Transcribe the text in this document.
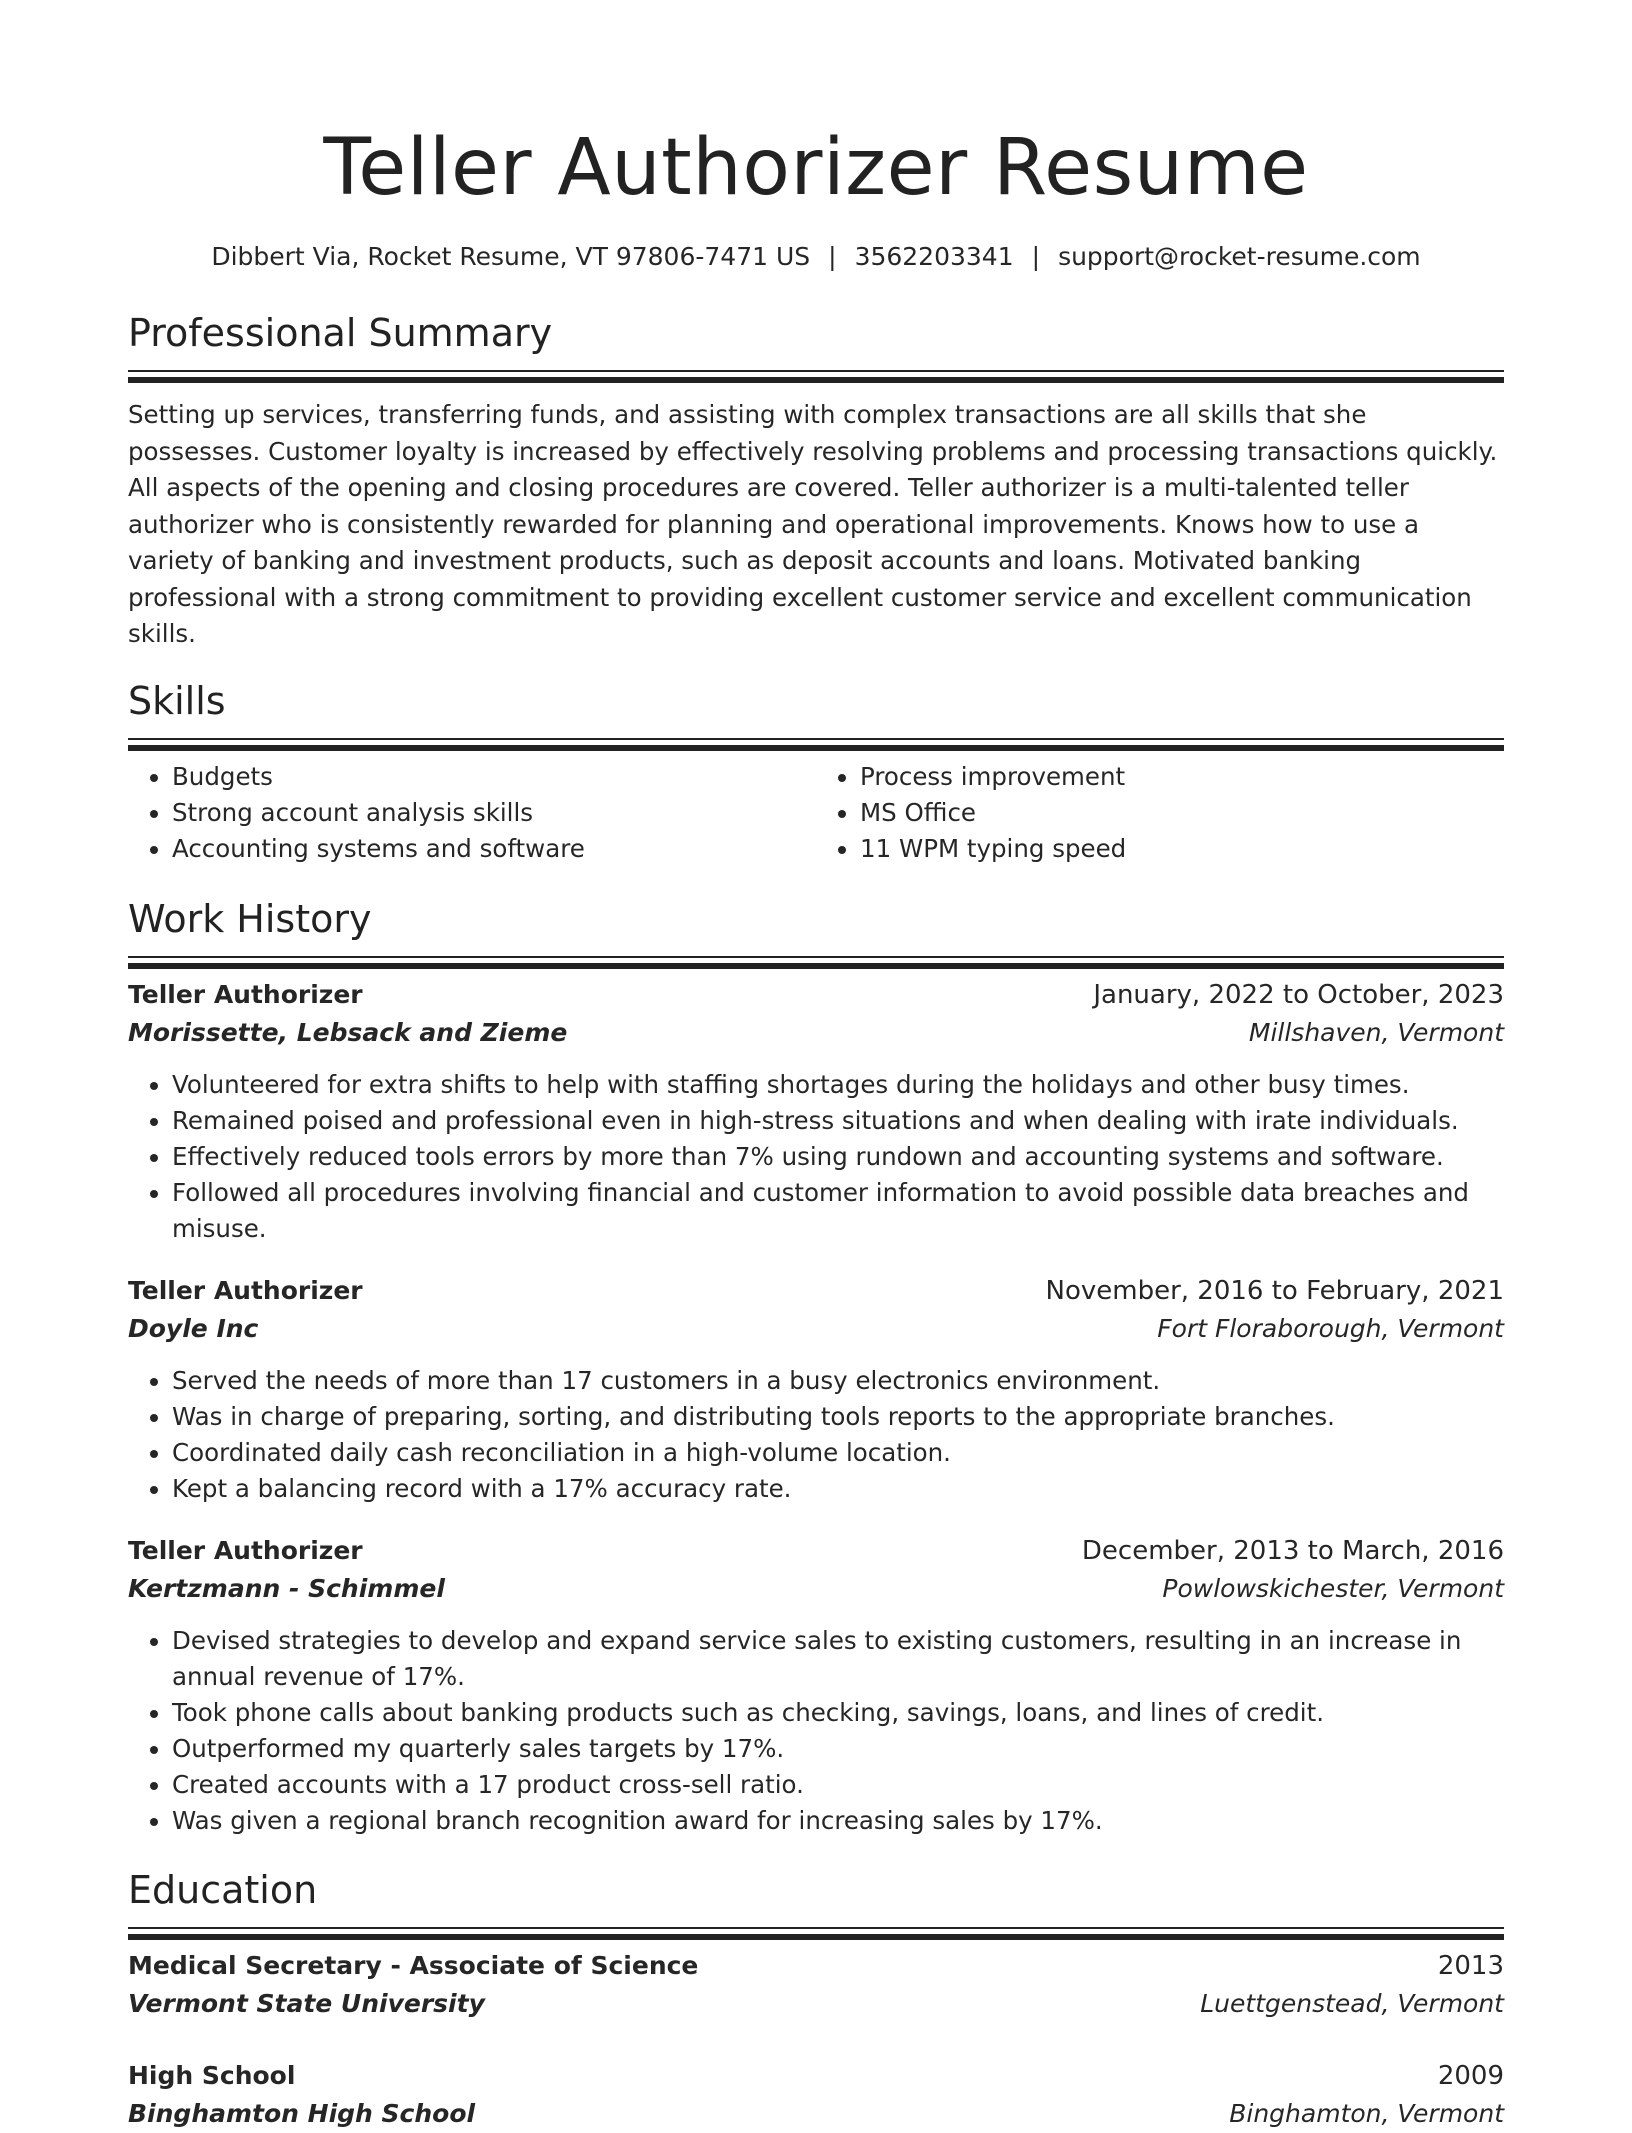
Teller Authorizer Resume
Dibbert Via, Rocket Resume, VT 97806-7471 US | 3562203341 | support@rocket-resume.com
Professional Summary

Setting up services, transferring funds, and assisting with complex transactions are all skills that she possesses. Customer loyalty is increased by effectively resolving problems and processing transactions quickly. All aspects of the opening and closing procedures are covered. Teller authorizer is a multi-talented teller authorizer who is consistently rewarded for planning and operational improvements. Knows how to use a variety of banking and investment products, such as deposit accounts and loans. Motivated banking professional with a strong commitment to providing excellent customer service and excellent communication skills.

Skills
• Budgets
• Strong account analysis skills
• Accounting systems and software
• Process improvement
• MS Office
• 11 WPM typing speed
Work History
Teller Authorizer	January, 2022 to October, 2023
Morissette, Lebsack and Zieme	Millshaven, Vermont
• Volunteered for extra shifts to help with staffing shortages during the holidays and other busy times.
• Remained poised and professional even in high-stress situations and when dealing with irate individuals.
• Effectively reduced tools errors by more than 7% using rundown and accounting systems and software.
• Followed all procedures involving financial and customer information to avoid possible data breaches and misuse.
Teller Authorizer	November, 2016 to February, 2021
Doyle Inc	Fort Floraborough, Vermont
• Served the needs of more than 17 customers in a busy electronics environment.
• Was in charge of preparing, sorting, and distributing tools reports to the appropriate branches.
• Coordinated daily cash reconciliation in a high-volume location.
• Kept a balancing record with a 17% accuracy rate.
Teller Authorizer	December, 2013 to March, 2016
Kertzmann - Schimmel	Powlowskichester, Vermont
• Devised strategies to develop and expand service sales to existing customers, resulting in an increase in annual revenue of 17%.
• Took phone calls about banking products such as checking, savings, loans, and lines of credit.
• Outperformed my quarterly sales targets by 17%.
• Created accounts with a 17 product cross-sell ratio.
• Was given a regional branch recognition award for increasing sales by 17%.
Education
Medical Secretary - Associate of Science	2013
Vermont State University	Luettgenstead, Vermont
High School	2009
Binghamton High School	Binghamton, Vermont
